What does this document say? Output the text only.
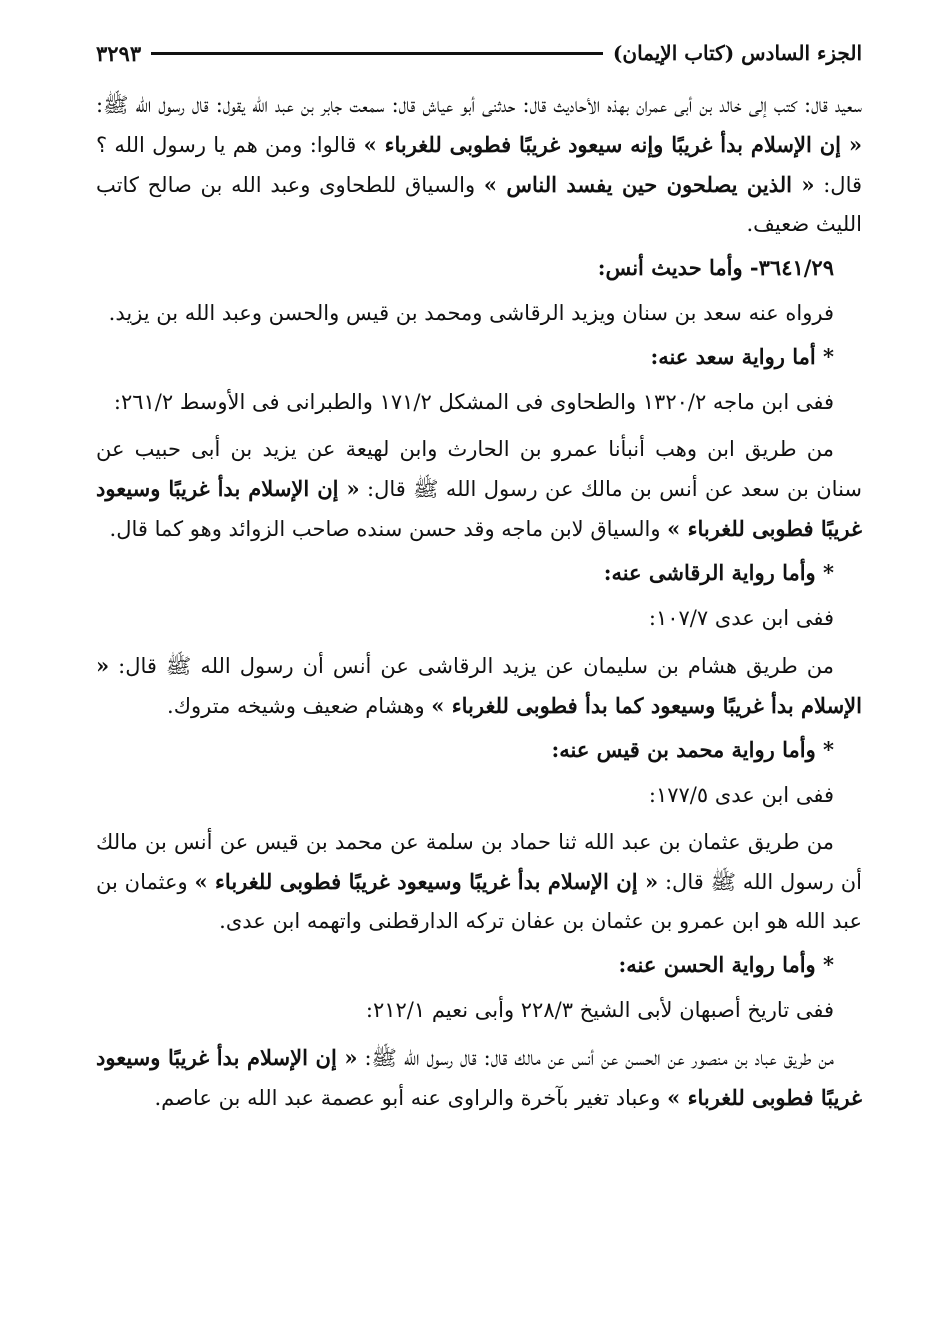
الجزء السادس (كتاب الإيمان)
٣٢٩٣

سعيد قال: كتب إلى خالد بن أبى عمران بهذه الأحاديث قال: حدثنى أبو عياش قال: سمعت جابر بن عبد الله يقول: قال رسول الله ﷺ: « إن الإسلام بدأ غريبًا وإنه سيعود غريبًا فطوبى للغرباء » قالوا: ومن هم يا رسول الله ؟ قال: « الذين يصلحون حين يفسد الناس » والسياق للطحاوى وعبد الله بن صالح كاتب الليث ضعيف.

٣٦٤١/٢٩- وأما حديث أنس:

فرواه عنه سعد بن سنان ويزيد الرقاشى ومحمد بن قيس والحسن وعبد الله بن يزيد.

* أما رواية سعد عنه:

ففى ابن ماجه ١٣٢٠/٢ والطحاوى فى المشكل ١٧١/٢ والطبرانى فى الأوسط ٢٦١/٢:

من طريق ابن وهب أنبأنا عمرو بن الحارث وابن لهيعة عن يزيد بن أبى حبيب عن سنان بن سعد عن أنس بن مالك عن رسول الله ﷺ قال: « إن الإسلام بدأ غريبًا وسيعود غريبًا فطوبى للغرباء » والسياق لابن ماجه وقد حسن سنده صاحب الزوائد وهو كما قال.

* وأما رواية الرقاشى عنه:

ففى ابن عدى ١٠٧/٧:

من طريق هشام بن سليمان عن يزيد الرقاشى عن أنس أن رسول الله ﷺ قال: « الإسلام بدأ غريبًا وسيعود كما بدأ فطوبى للغرباء » وهشام ضعيف وشيخه متروك.

* وأما رواية محمد بن قيس عنه:

ففى ابن عدى ١٧٧/٥:

من طريق عثمان بن عبد الله ثنا حماد بن سلمة عن محمد بن قيس عن أنس بن مالك أن رسول الله ﷺ قال: « إن الإسلام بدأ غريبًا وسيعود غريبًا فطوبى للغرباء » وعثمان بن عبد الله هو ابن عمرو بن عثمان بن عفان تركه الدارقطنى واتهمه ابن عدى.

* وأما رواية الحسن عنه:

ففى تاريخ أصبهان لأبى الشيخ ٢٢٨/٣ وأبى نعيم ٢١٢/١:

من طريق عباد بن منصور عن الحسن عن أنس عن مالك قال: قال رسول الله ﷺ: « إن الإسلام بدأ غريبًا وسيعود غريبًا فطوبى للغرباء » وعباد تغير بآخرة والراوى عنه أبو عصمة عبد الله بن عاصم.
